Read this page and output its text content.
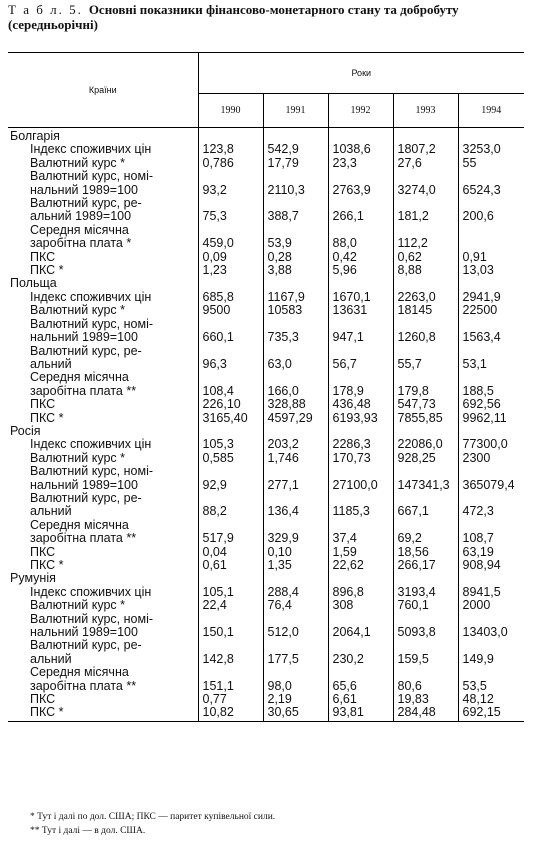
Т а б л. 5. Основні показники фінансово-монетарного стану та добробуту (середньорічні)
Країни	Роки				
	1990	1991	1992	1993	1994
Болгарія					
Індекс споживчих цін	123,8	542,9	1038,6	1807,2	3253,0
Валютний курс *	0,786	17,79	23,3	27,6	55
Валютний курс, номі-					
нальний 1989=100	93,2	2110,3	2763,9	3274,0	6524,3
Валютний курс, ре-					
альний 1989=100	75,3	388,7	266,1	181,2	200,6
Середня місячна					
заробітна плата *	459,0	53,9	88,0	112,2	
ПКС	0,09	0,28	0,42	0,62	0,91
ПКС *	1,23	3,88	5,96	8,88	13,03
Польща					
Індекс споживчих цін	685,8	1167,9	1670,1	2263,0	2941,9
Валютний курс *	9500	10583	13631	18145	22500
Валютний курс, номі-					
нальний 1989=100	660,1	735,3	947,1	1260,8	1563,4
Валютний курс, ре-					
альний	96,3	63,0	56,7	55,7	53,1
Середня місячна					
заробітна плата **	108,4	166,0	178,9	179,8	188,5
ПКС	226,10	328,88	436,48	547,73	692,56
ПКС *	3165,40	4597,29	6193,93	7855,85	9962,11
Росія					
Індекс споживчих цін	105,3	203,2	2286,3	22086,0	77300,0
Валютний курс *	0,585	1,746	170,73	928,25	2300
Валютний курс, номі-					
нальний 1989=100	92,9	277,1	27100,0	147341,3	365079,4
Валютний курс, ре-					
альний	88,2	136,4	1185,3	667,1	472,3
Середня місячна					
заробітна плата **	517,9	329,9	37,4	69,2	108,7
ПКС	0,04	0,10	1,59	18,56	63,19
ПКС *	0,61	1,35	22,62	266,17	908,94
Румунія					
Індекс споживчих цін	105,1	288,4	896,8	3193,4	8941,5
Валютний курс *	22,4	76,4	308	760,1	2000
Валютний курс, номі-					
нальний 1989=100	150,1	512,0	2064,1	5093,8	13403,0
Валютний курс, ре-					
альний	142,8	177,5	230,2	159,5	149,9
Середня місячна					
заробітна плата **	151,1	98,0	65,6	80,6	53,5
ПКС	0,77	2,19	6,61	19,83	48,12
ПКС *	10,82	30,65	93,81	284,48	692,15
* Тут і далі по дол. США; ПКС — паритет купівельної сили.
** Тут і далі — в дол. США.
